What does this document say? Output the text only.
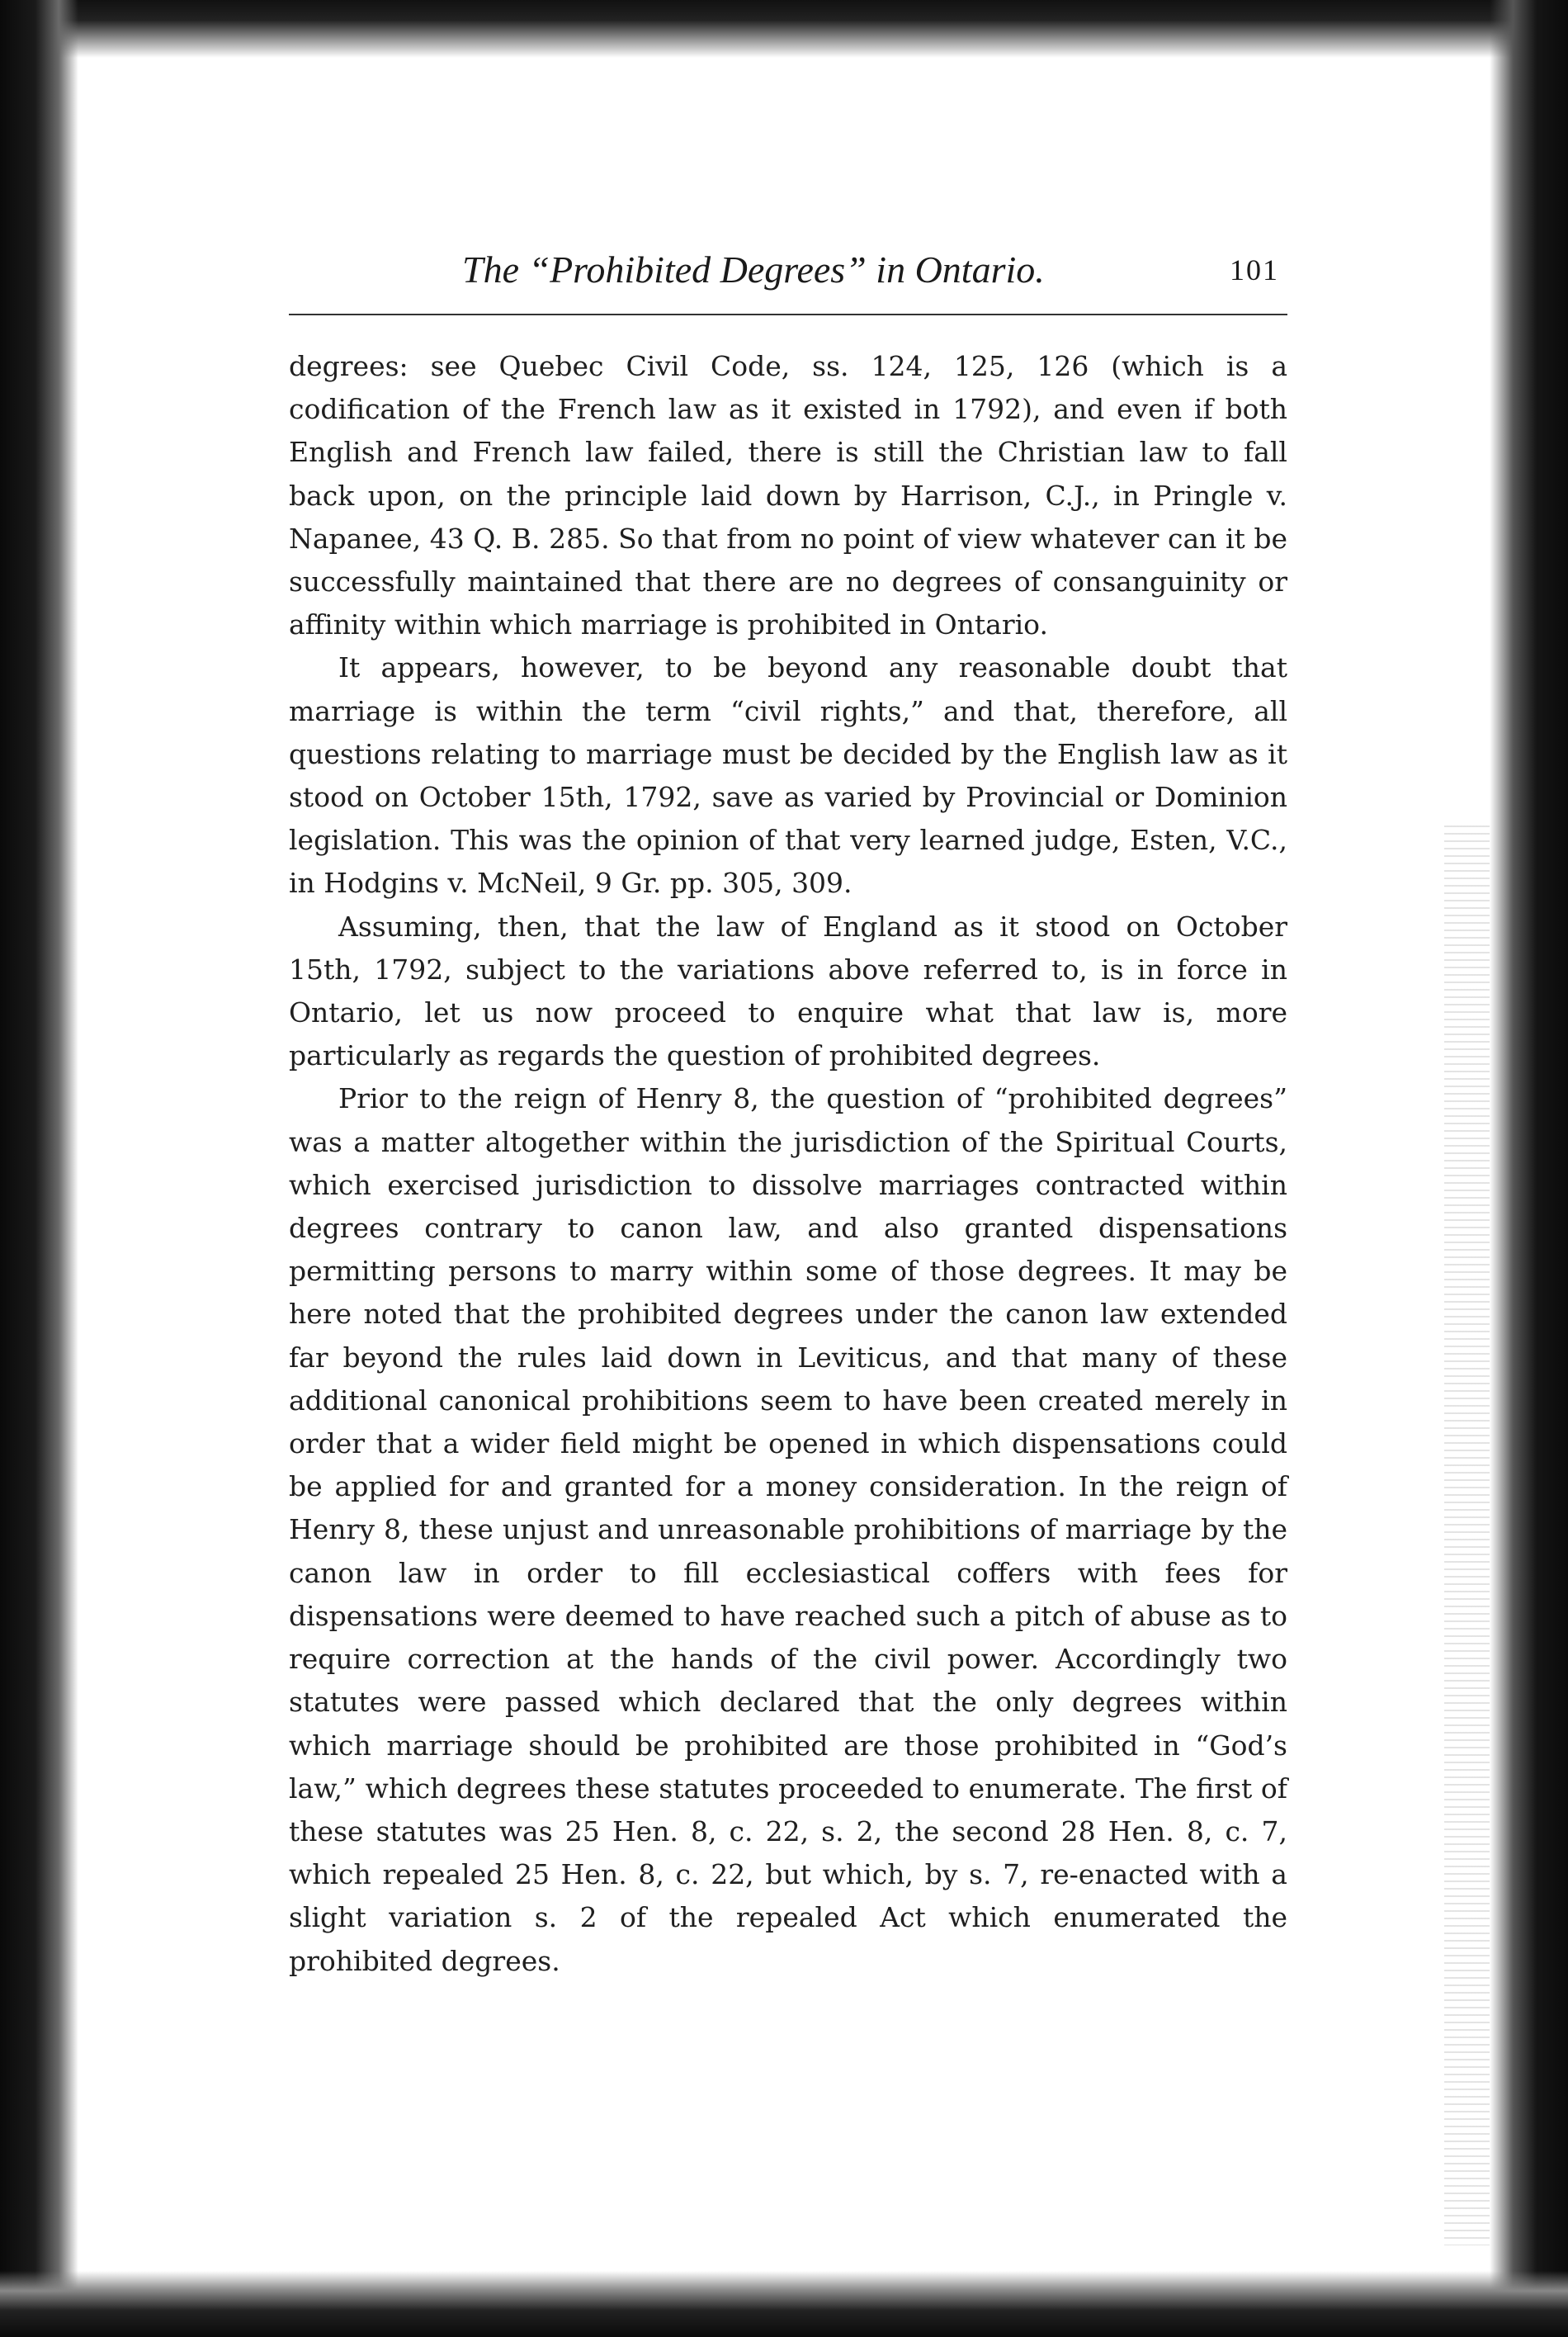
The “Prohibited Degrees” in Ontario.	101

degrees: see Quebec Civil Code, ss. 124, 125, 126 (which is a codification of the French law as it existed in 1792), and even if both English and French law failed, there is still the Christian law to fall back upon, on the principle laid down by Harrison, C.J., in Pringle v. Napanee, 43 Q. B. 285. So that from no point of view whatever can it be successfully maintained that there are no degrees of consanguinity or affinity within which marriage is prohibited in Ontario.

It appears, however, to be beyond any reasonable doubt that marriage is within the term “civil rights,” and that, therefore, all questions relating to marriage must be decided by the English law as it stood on October 15th, 1792, save as varied by Provincial or Dominion legislation. This was the opinion of that very learned judge, Esten, V.C., in Hodgins v. McNeil, 9 Gr. pp. 305, 309.

Assuming, then, that the law of England as it stood on October 15th, 1792, subject to the variations above referred to, is in force in Ontario, let us now proceed to enquire what that law is, more particularly as regards the question of prohibited degrees.

Prior to the reign of Henry 8, the question of “prohibited degrees” was a matter altogether within the jurisdiction of the Spiritual Courts, which exercised jurisdiction to dissolve marriages contracted within degrees contrary to canon law, and also granted dispensations permitting persons to marry within some of those degrees. It may be here noted that the prohibited degrees under the canon law extended far beyond the rules laid down in Leviticus, and that many of these additional canonical prohibitions seem to have been created merely in order that a wider field might be opened in which dispensations could be applied for and granted for a money consideration. In the reign of Henry 8, these unjust and unreasonable prohibitions of marriage by the canon law in order to fill ecclesiastical coffers with fees for dispensations were deemed to have reached such a pitch of abuse as to require correction at the hands of the civil power. Accordingly two statutes were passed which declared that the only degrees within which marriage should be prohibited are those prohibited in “God’s law,” which degrees these statutes proceeded to enumerate. The first of these statutes was 25 Hen. 8, c. 22, s. 2, the second 28 Hen. 8, c. 7, which repealed 25 Hen. 8, c. 22, but which, by s. 7, re-enacted with a slight variation s. 2 of the repealed Act which enumerated the prohibited degrees.
